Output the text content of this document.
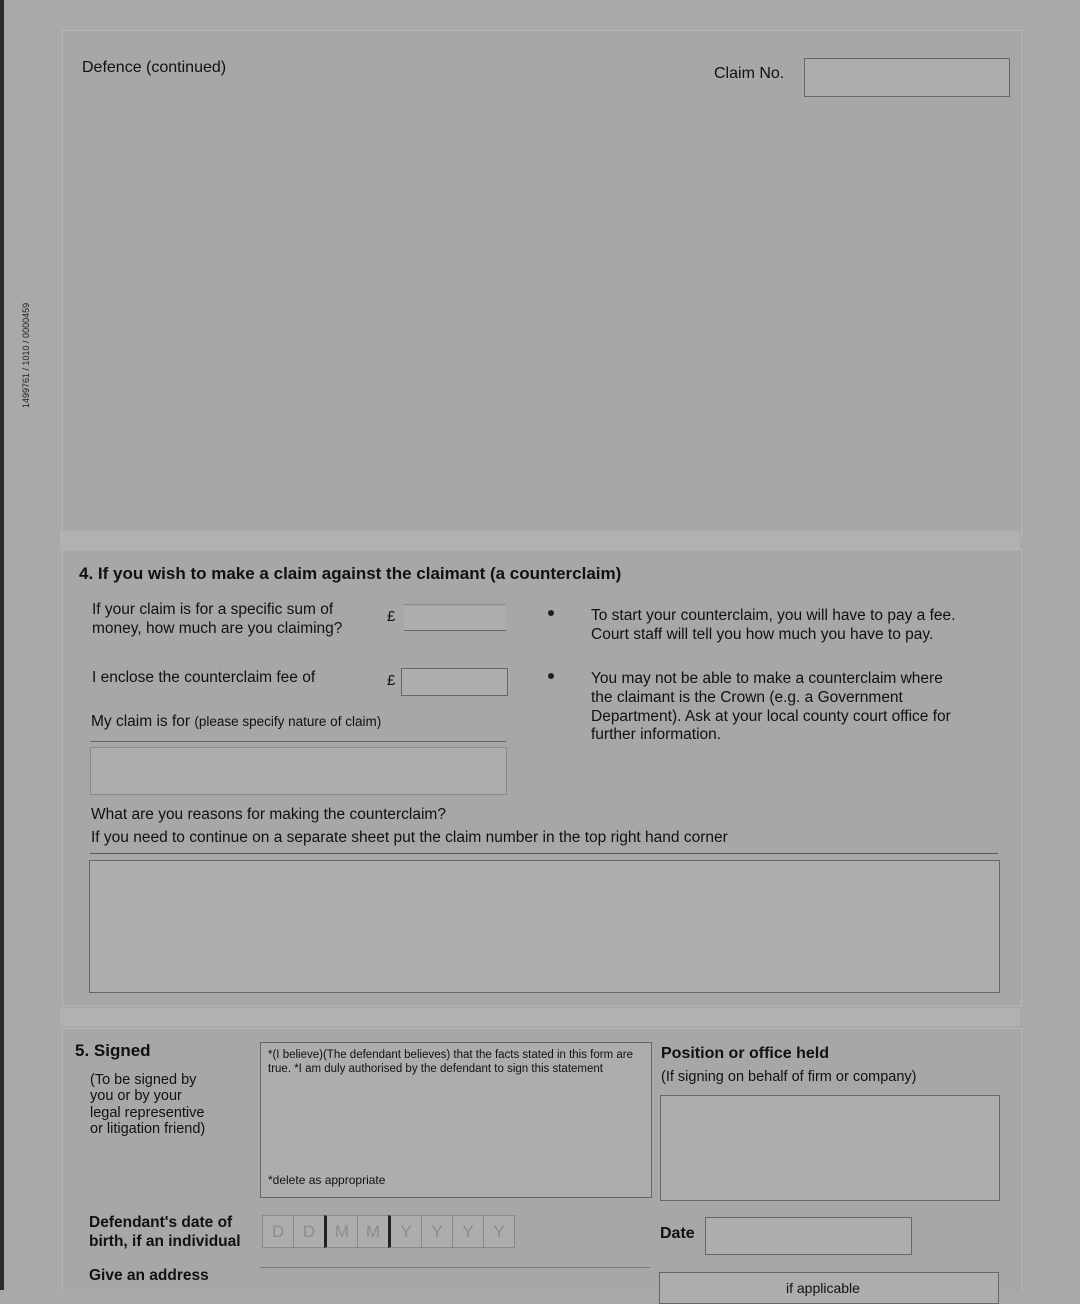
1499761 / 1010 / 0000459
Defence (continued)	Claim No.
4. If you wish to make a claim against the claimant (a counterclaim)
If your claim is for a specific sum of
money, how much are you claiming?
£	To start your counterclaim, you will have to pay a fee.
Court staff will tell you how much you have to pay.
I enclose the counterclaim fee of	£	You may not be able to make a counterclaim where
the claimant is the Crown (e.g. a Government
Department). Ask at your local county court office for
further information.
My claim is for (please specify nature of claim)
What are you reasons for making the counterclaim?
If you need to continue on a separate sheet put the claim number in the top right hand corner
5. Signed
(To be signed by
you or by your
legal representive
or litigation friend)
*(I believe)(The defendant believes) that the facts stated in this form are true. *I am duly authorised by the defendant to sign this statement
*delete as appropriate
Position or office held
(If signing on behalf of firm or company)
Defendant's date of
birth, if an individual
D	D	M M	Y	Y	Y	Y	Date
Give an address
if applicable
